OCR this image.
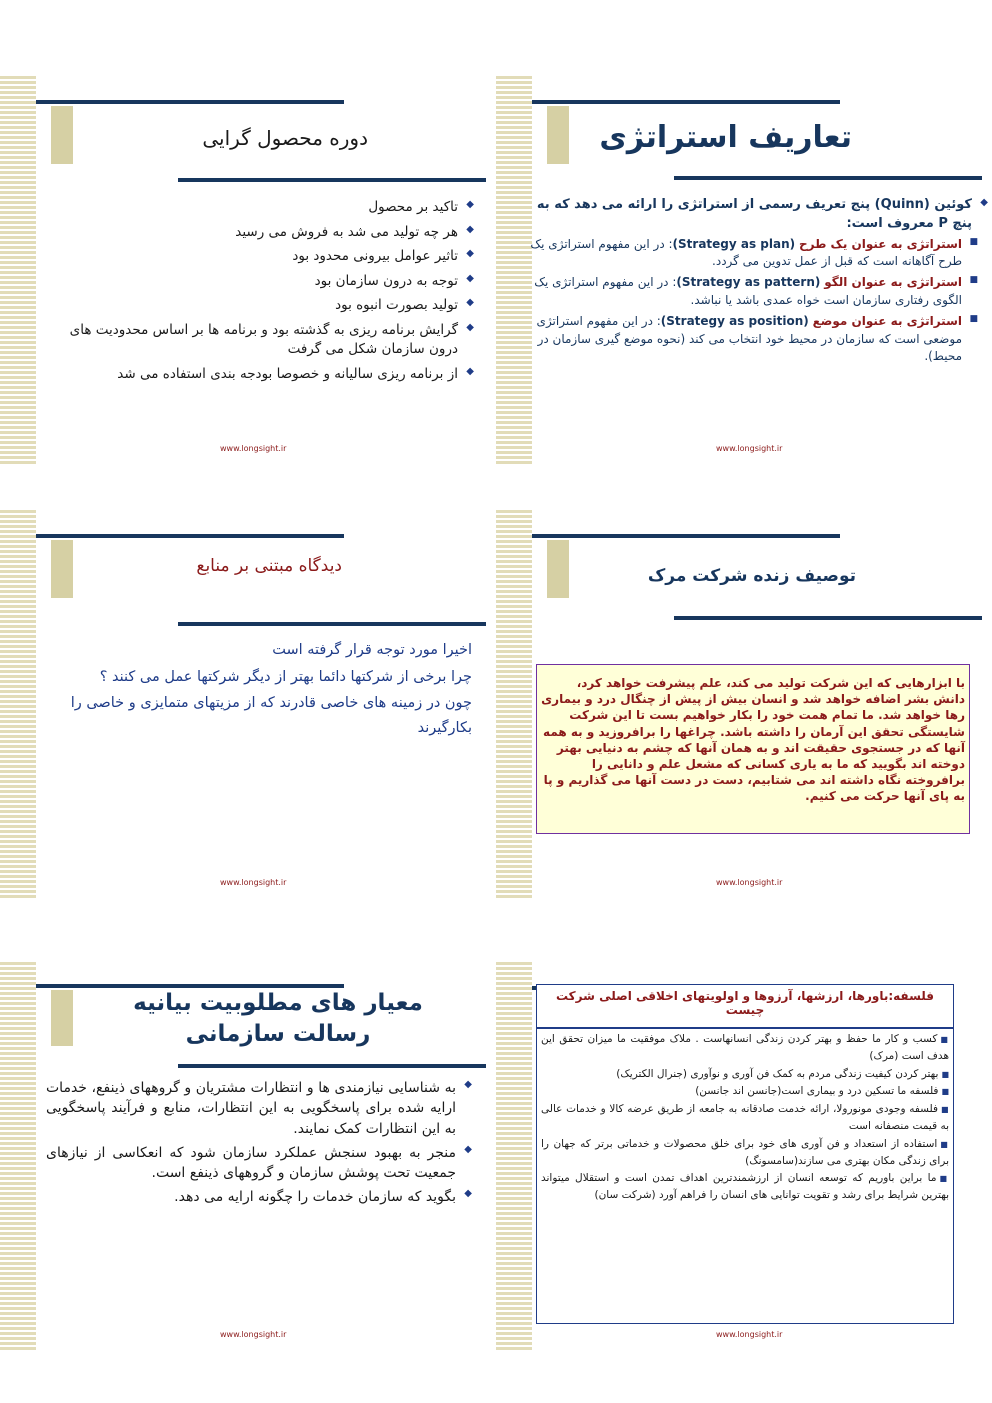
تعاریف استراتژی
◆ کوئین (Quinn) پنج تعریف رسمی از استراتژی را ارائه می دهد که به پنچ P معروف است:
■ استراتژی به عنوان یک طرح (Strategy as plan): در این مفهوم استراتژی یک طرح آگاهانه است که قبل از عمل تدوین می گردد.
■ استراتژی به عنوان الگو (Strategy as pattern): در این مفهوم استراتژی یک الگوی رفتاری سازمان است خواه عمدی باشد یا نباشد.
■ استراتژی به عنوان موضع (Strategy as position): در این مفهوم استراتژی موضعی است که سازمان در محیط خود انتخاب می کند (نحوه موضع گیری سازمان در محیط).
www.longsight.ir
دوره محصول گرایی
◆ تاکید بر محصول
◆ هر چه تولید می شد به فروش می رسید
◆ تاثیر عوامل بیرونی محدود بود
◆ توجه به درون سازمان بود
◆ تولید بصورت انبوه بود
◆ گرایش برنامه ریزی به گذشته بود و برنامه ها بر اساس محدودیت های درون سازمان شکل می گرفت
◆ از برنامه ریزی سالیانه و خصوصا بودجه بندی استفاده می شد
www.longsight.ir
توصیف زنده شرکت مرک
با ابزارهایی که این شرکت تولید می کند، علم پیشرفت خواهد کرد، دانش بشر اضافه خواهد شد و انسان بیش از پیش از چنگال درد و بیماری رها خواهد شد. ما تمام همت خود را بکار خواهیم بست تا این شرکت شایستگی تحقق این آرمان را داشته باشد. چراغها را برافروزید و به همه آنها که در جستجوی حقیقت اند و به همان آنها که چشم به دنیایی بهتر دوخته اند بگویید که ما به یاری کسانی که مشعل علم و دانایی را برافروخته نگاه داشته اند می شتابیم، دست در دست آنها می گذاریم و پا به پای آنها حرکت می کنیم.
www.longsight.ir
دیدگاه مبتنی بر منابع
اخیرا مورد توجه قرار گرفته است
چرا برخی از شرکتها دائما بهتر از دیگر شرکتها عمل می کنند ؟
چون در زمینه های خاصی قادرند که از مزیتهای متمایزی و خاصی را بکارگیرند
www.longsight.ir
فلسفه:باورها، ارزشها، آرزوها و اولویتهای اخلاقی اصلی شرکت چیست

■کسب و کار ما حفظ و بهتر کردن زندگی انسانهاست . ملاک موفقیت ما میزان تحقق این هدف است (مرک)

■بهتر کردن کیفیت زندگی مردم به کمک فن آوری و نوآوری (جنرال الکتریک)

■فلسفه ما تسکین درد و بیماری است(جانسن اند جانسن)

■فلسفه وجودی مونورولا، ارائه خدمت صادقانه به جامعه از طریق عرضه کالا و خدمات عالی به قیمت منصفانه است

■استفاده از استعداد و فن آوری های خود برای خلق محصولات و خدماتی برتر که جهان را برای زندگی مکان بهتری می سازند(سامسونگ)

■ما براین باوریم که توسعه انسان از ارزشمندترین اهداف تمدن است و استقلال میتواند بهترین شرایط برای رشد و تقویت توانایی های انسان را فراهم آورد (شرکت سان)

www.longsight.ir
معیار های مطلوبیت بیانیه رسالت سازمانی
◆ به شناسایی نیازمندی ها و انتظارات مشتریان و گروههای ذینفع، خدمات ارایه شده برای پاسخگویی به این انتظارات، منابع و فرآیند پاسخگویی به این انتظارات کمک نمایند.
◆ منجر به بهبود سنجش عملکرد سازمان شود که انعکاسی از نیازهای جمعیت تحت پوشش سازمان و گروههای ذینفع است.
◆ بگوید که سازمان خدمات را چگونه ارایه می دهد.
www.longsight.ir
